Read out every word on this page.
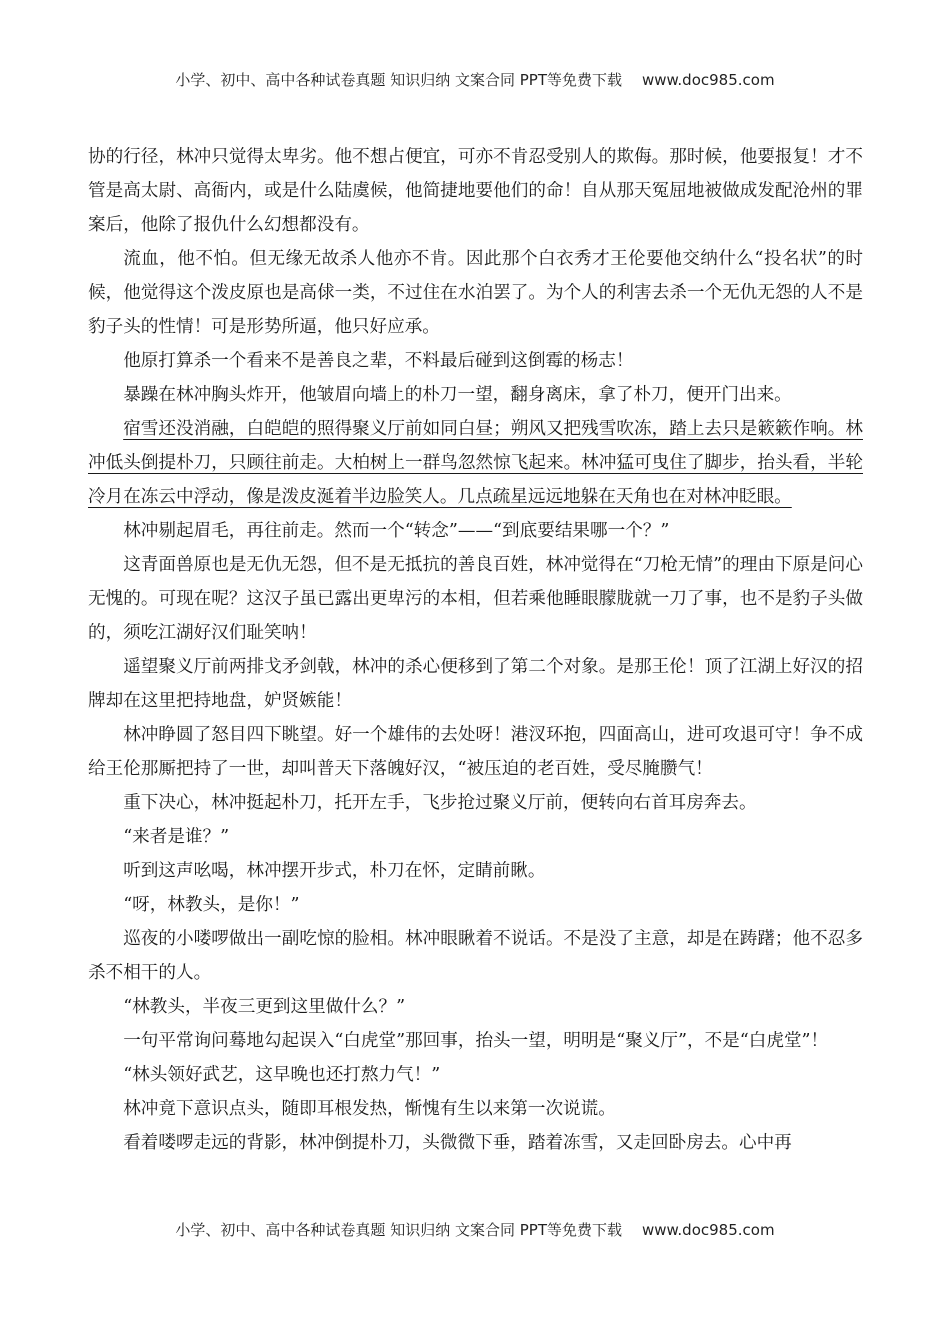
小学、初中、高中各种试卷真题 知识归纳 文案合同 PPT等免费下载 www.doc985.com

协的行径，林冲只觉得太卑劣。他不想占便宜，可亦不肯忍受别人的欺侮。那时候，他要报复！才不管是高太尉、高衙内，或是什么陆虞候，他简捷地要他们的命！自从那天冤屈地被做成发配沧州的罪案后，他除了报仇什么幻想都没有。

流血，他不怕。但无缘无故杀人他亦不肯。因此那个白衣秀才王伦要他交纳什么“投名状”的时候，他觉得这个泼皮原也是高俅一类，不过住在水泊罢了。为个人的利害去杀一个无仇无怨的人不是豹子头的性情！可是形势所逼，他只好应承。

他原打算杀一个看来不是善良之辈，不料最后碰到这倒霉的杨志！

暴躁在林冲胸头炸开，他皱眉向墙上的朴刀一望，翻身离床，拿了朴刀，便开门出来。

宿雪还没消融，白皑皑的照得聚义厅前如同白昼；朔风又把残雪吹冻，踏上去只是簌簌作响。林冲低头倒提朴刀，只顾往前走。大柏树上一群鸟忽然惊飞起来。林冲猛可曳住了脚步，抬头看，半轮冷月在冻云中浮动，像是泼皮涎着半边脸笑人。几点疏星远远地躲在天角也在对林冲眨眼。

林冲剔起眉毛，再往前走。然而一个“转念”——“到底要结果哪一个？”

这青面兽原也是无仇无怨，但不是无抵抗的善良百姓，林冲觉得在“刀枪无情”的理由下原是问心无愧的。可现在呢？这汉子虽已露出更卑污的本相，但若乘他睡眼朦胧就一刀了事，也不是豹子头做的，须吃江湖好汉们耻笑呐！

遥望聚义厅前两排戈矛剑戟，林冲的杀心便移到了第二个对象。是那王伦！顶了江湖上好汉的招牌却在这里把持地盘，妒贤嫉能！

林冲睁圆了怒目四下眺望。好一个雄伟的去处呀！港汊环抱，四面高山，进可攻退可守！争不成给王伦那厮把持了一世，却叫普天下落魄好汉，“被压迫的老百姓，受尽腌臜气！

重下决心，林冲挺起朴刀，托开左手，飞步抢过聚义厅前，便转向右首耳房奔去。

“来者是谁？”

听到这声吆喝，林冲摆开步式，朴刀在怀，定睛前瞅。

“呀，林教头，是你！”

巡夜的小喽啰做出一副吃惊的脸相。林冲眼瞅着不说话。不是没了主意，却是在踌躇；他不忍多杀不相干的人。

“林教头，半夜三更到这里做什么？”

一句平常询问蓦地勾起误入“白虎堂”那回事，抬头一望，明明是“聚义厅”，不是“白虎堂”！

“林头领好武艺，这早晚也还打熬力气！”

林冲竟下意识点头，随即耳根发热，惭愧有生以来第一次说谎。

看着喽啰走远的背影，林冲倒提朴刀，头微微下垂，踏着冻雪，又走回卧房去。心中再

小学、初中、高中各种试卷真题 知识归纳 文案合同 PPT等免费下载 www.doc985.com
